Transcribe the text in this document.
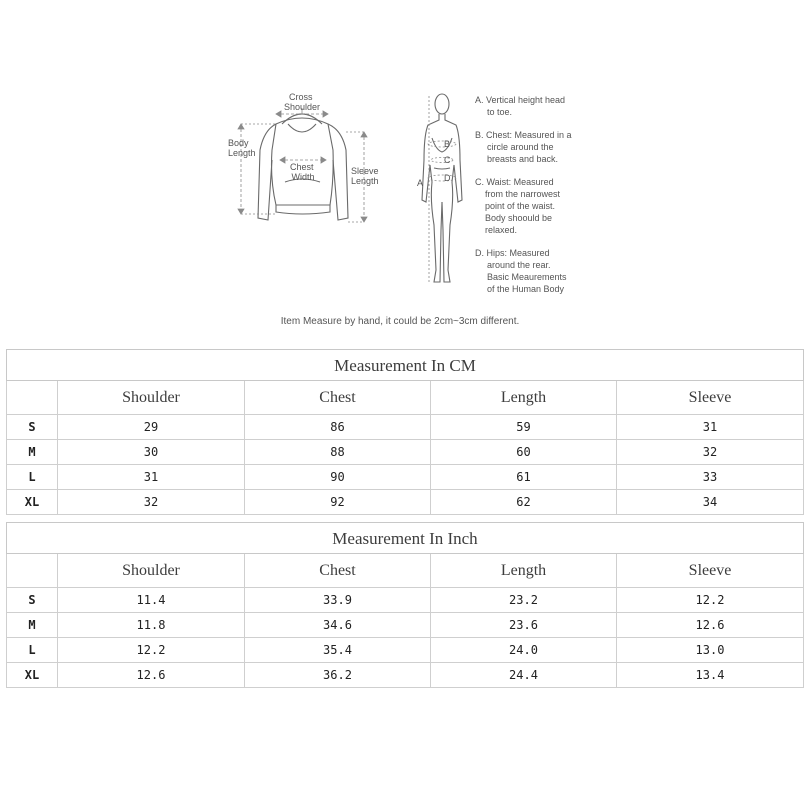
Cross Shoulder
Body Length
Chest Width
Sleeve Length	A
B
C
D
A. Vertical height head to toe.
B. Chest: Measured in a circle around the breasts and back.
C. Waist: Measured from the narrowest point of the waist. Body shoould be relaxed.
D. Hips: Measured around the rear. Basic Meaurements of the Human Body
Item Measure by hand, it could be 2cm~3cm different.
Measurement In CM
Shoulder	Chest	Length	Sleeve
S	29	86	59	31
M	30	88	60	32
L	31	90	61	33
XL	32	92	62	34
Measurement In Inch
Shoulder	Chest	Length	Sleeve
S	11.4	33.9	23.2	12.2
M	11.8	34.6	23.6	12.6
L	12.2	35.4	24.0	13.0
XL	12.6	36.2	24.4	13.4
